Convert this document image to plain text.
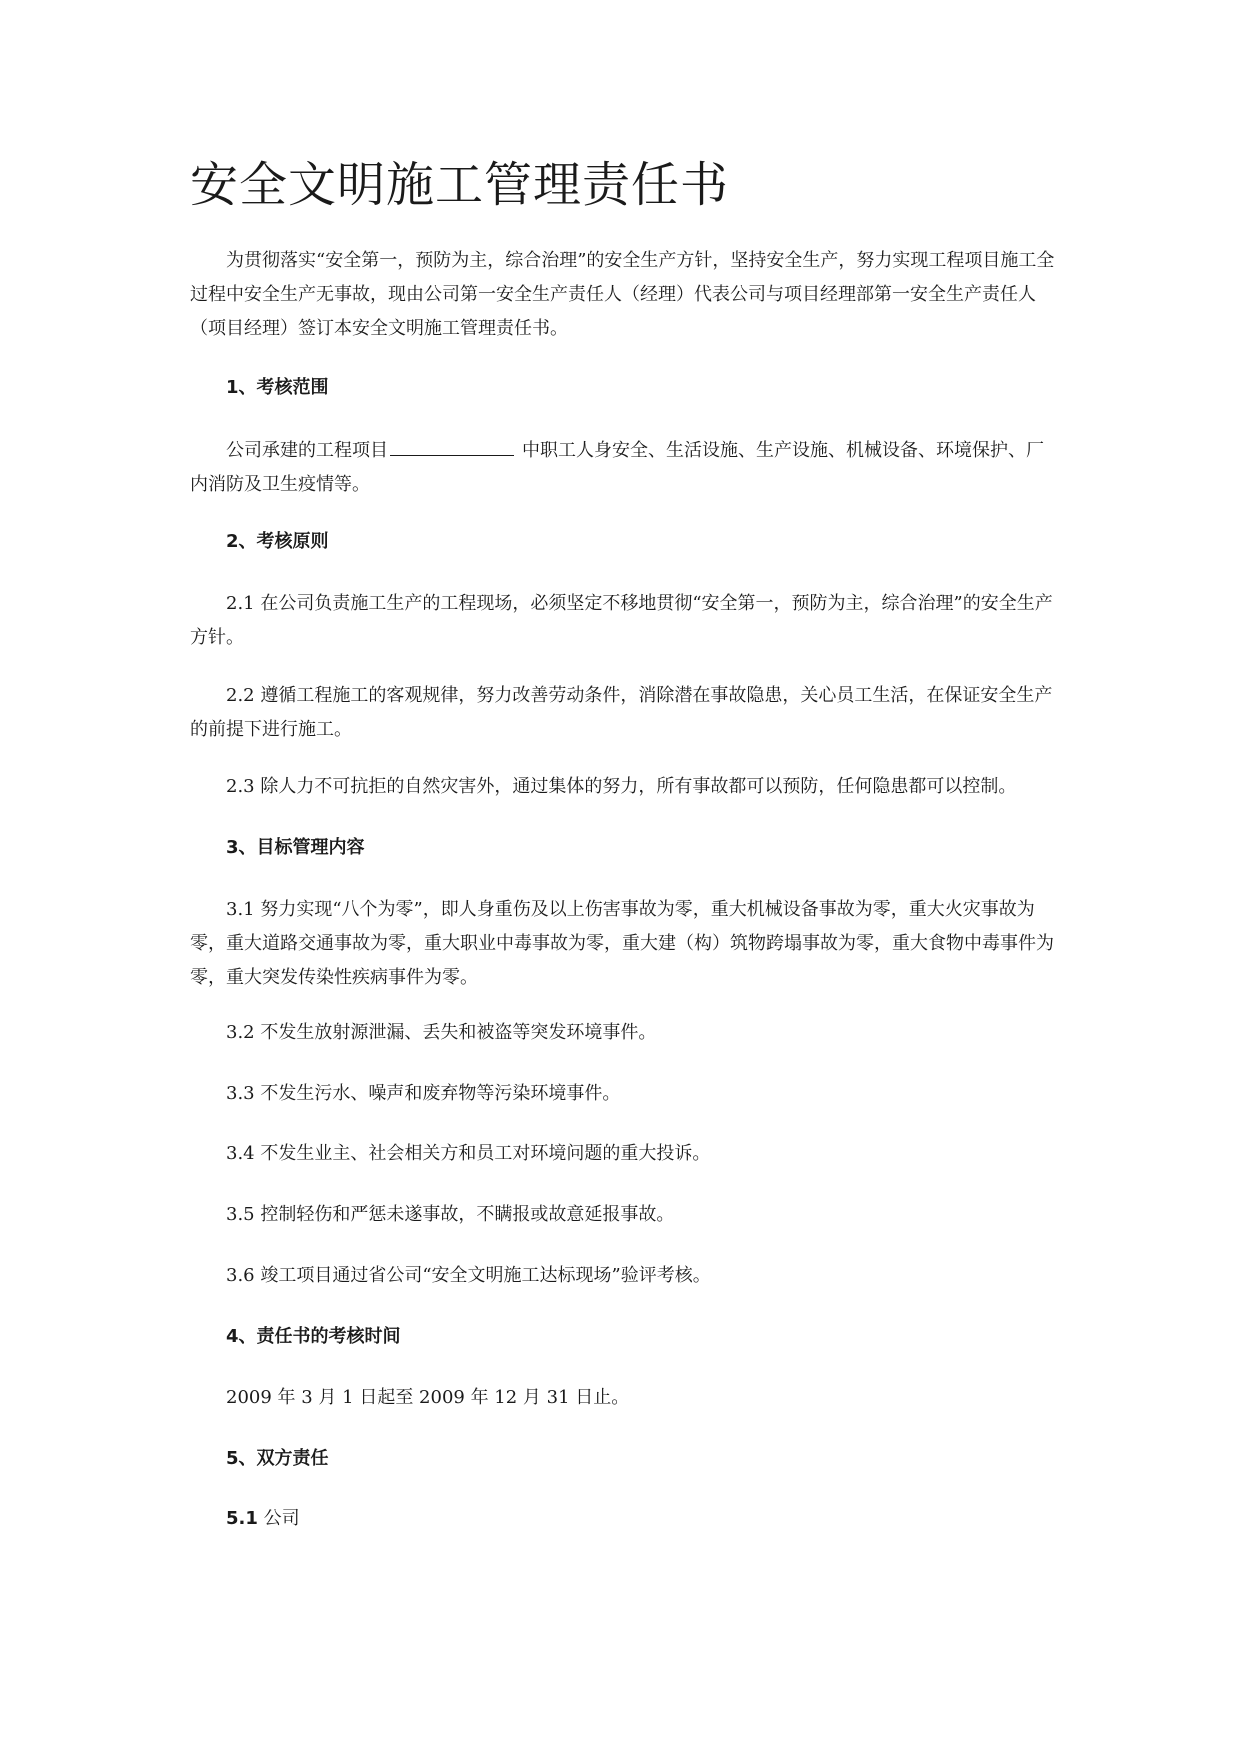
安全文明施工管理责任书

为贯彻落实“安全第一，预防为主，综合治理”的安全生产方针，坚持安全生产，努力实现工程项目施工全过程中安全生产无事故，现由公司第一安全生产责任人（经理）代表公司与项目经理部第一安全生产责任人（项目经理）签订本安全文明施工管理责任书。

1、考核范围

公司承建的工程项目	中职工人身安全、生活设施、生产设施、机械设备、环境保护、厂内消防及卫生疫情等。

2、考核原则

2.1 在公司负责施工生产的工程现场，必须坚定不移地贯彻“安全第一，预防为主，综合治理”的安全生产方针。

2.2 遵循工程施工的客观规律，努力改善劳动条件，消除潜在事故隐患，关心员工生活，在保证安全生产的前提下进行施工。

2.3 除人力不可抗拒的自然灾害外，通过集体的努力，所有事故都可以预防，任何隐患都可以控制。

3、目标管理内容

3.1 努力实现“八个为零”，即人身重伤及以上伤害事故为零，重大机械设备事故为零，重大火灾事故为零，重大道路交通事故为零，重大职业中毒事故为零，重大建（构）筑物跨塌事故为零，重大食物中毒事件为零，重大突发传染性疾病事件为零。

3.2 不发生放射源泄漏、丢失和被盗等突发环境事件。

3.3 不发生污水、噪声和废弃物等污染环境事件。

3.4 不发生业主、社会相关方和员工对环境问题的重大投诉。

3.5 控制轻伤和严惩未遂事故，不瞒报或故意延报事故。

3.6 竣工项目通过省公司“安全文明施工达标现场”验评考核。

4、责任书的考核时间

2009 年 3 月 1 日起至 2009 年 12 月 31 日止。

5、双方责任

5.1 公司
